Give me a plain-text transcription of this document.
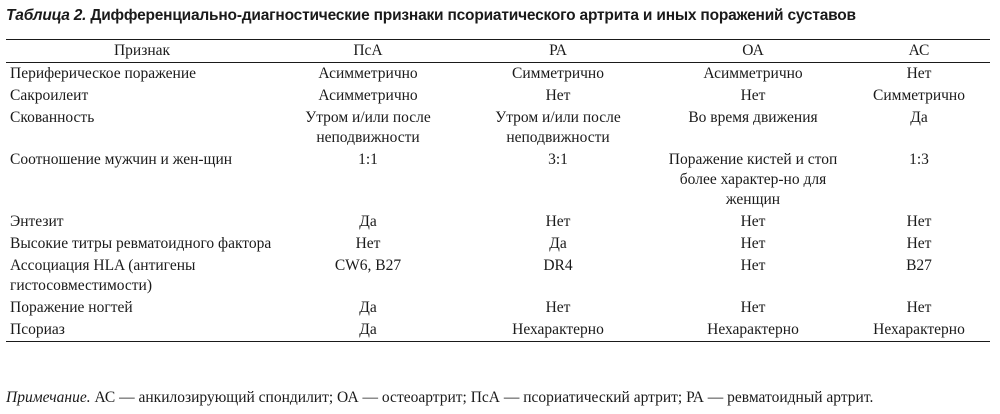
Таблица 2. Дифференциально-диагностические признаки псориатического артрита и иных поражений суставов
Признак	ПсА	РА	ОА	АС
Периферическое поражение	Асимметрично	Симметрично	Асимметрично	Нет
Сакроилеит	Асимметрично	Нет	Нет	Симметрично
Скованность	Утром и/или после неподвижности	Утром и/или после неподвижности	Во время движения	Да
Соотношение мужчин и жен-щин	1:1	3:1	Поражение кистей и стоп более характер-но для женщин	1:3
Энтезит	Да	Нет	Нет	Нет
Высокие титры ревматоидного фактора	Нет	Да	Нет	Нет
Ассоциация HLA (антигены гистосовместимости)	CW6, B27	DR4	Нет	B27
Поражение ногтей	Да	Нет	Нет	Нет
Псориаз	Да	Нехарактерно	Нехарактерно	Нехарактерно
Примечание. АС — анкилозирующий спондилит; ОА — остеоартрит; ПсА — псориатический артрит; РА — ревматоидный артрит.
